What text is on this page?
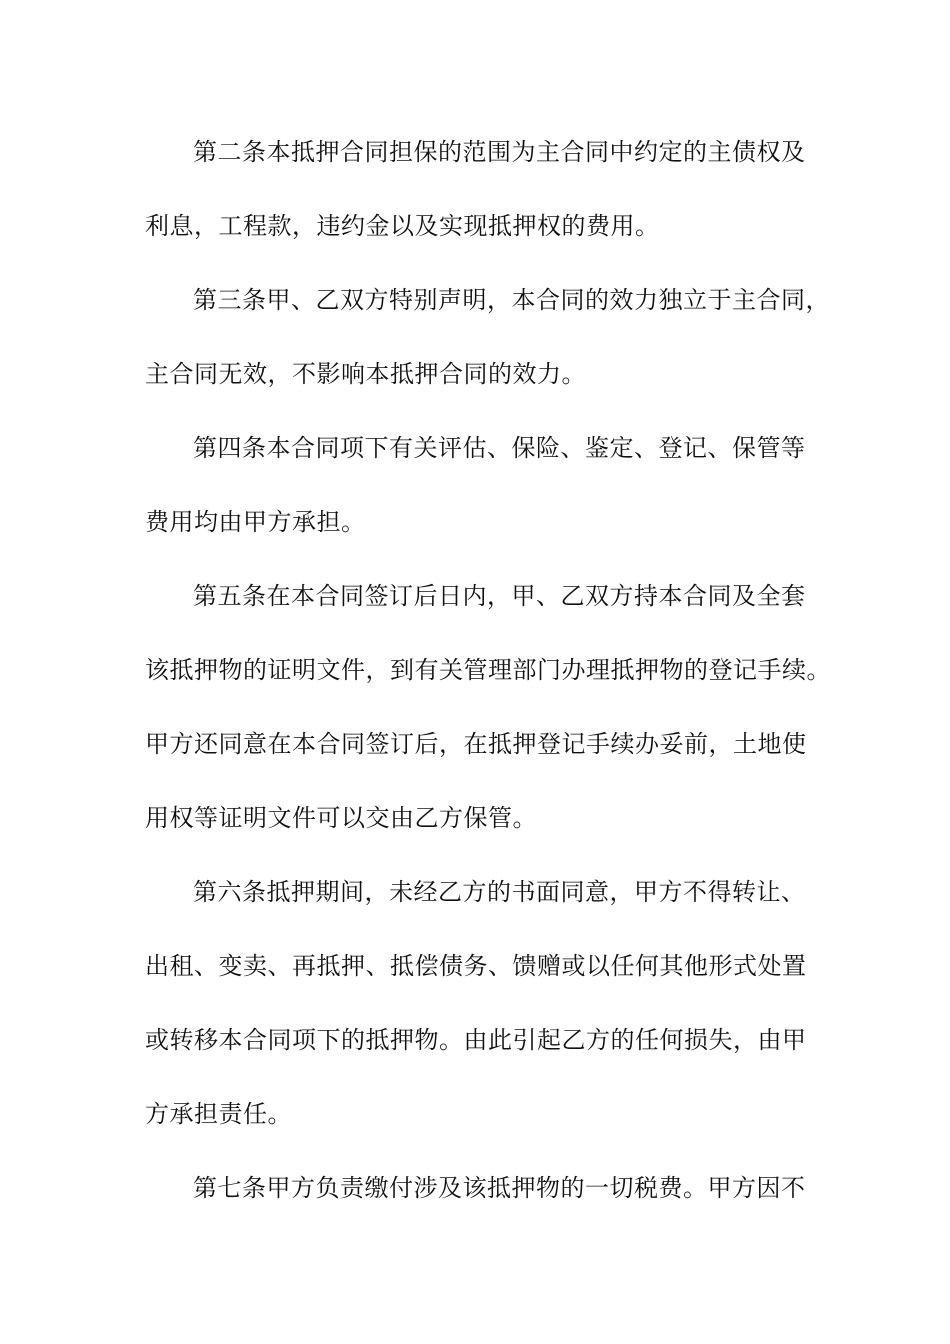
第二条本抵押合同担保的范围为主合同中约定的主债权及
利息，工程款，违约金以及实现抵押权的费用。
第三条甲、乙双方特别声明，本合同的效力独立于主合同，
主合同无效，不影响本抵押合同的效力。
第四条本合同项下有关评估、保险、鉴定、登记、保管等
费用均由甲方承担。
第五条在本合同签订后日内，甲、乙双方持本合同及全套
该抵押物的证明文件，到有关管理部门办理抵押物的登记手续。
甲方还同意在本合同签订后，在抵押登记手续办妥前，土地使
用权等证明文件可以交由乙方保管。
第六条抵押期间，未经乙方的书面同意，甲方不得转让、
出租、变卖、再抵押、抵偿债务、馈赠或以任何其他形式处置
或转移本合同项下的抵押物。由此引起乙方的任何损失，由甲
方承担责任。
第七条甲方负责缴付涉及该抵押物的一切税费。甲方因不
